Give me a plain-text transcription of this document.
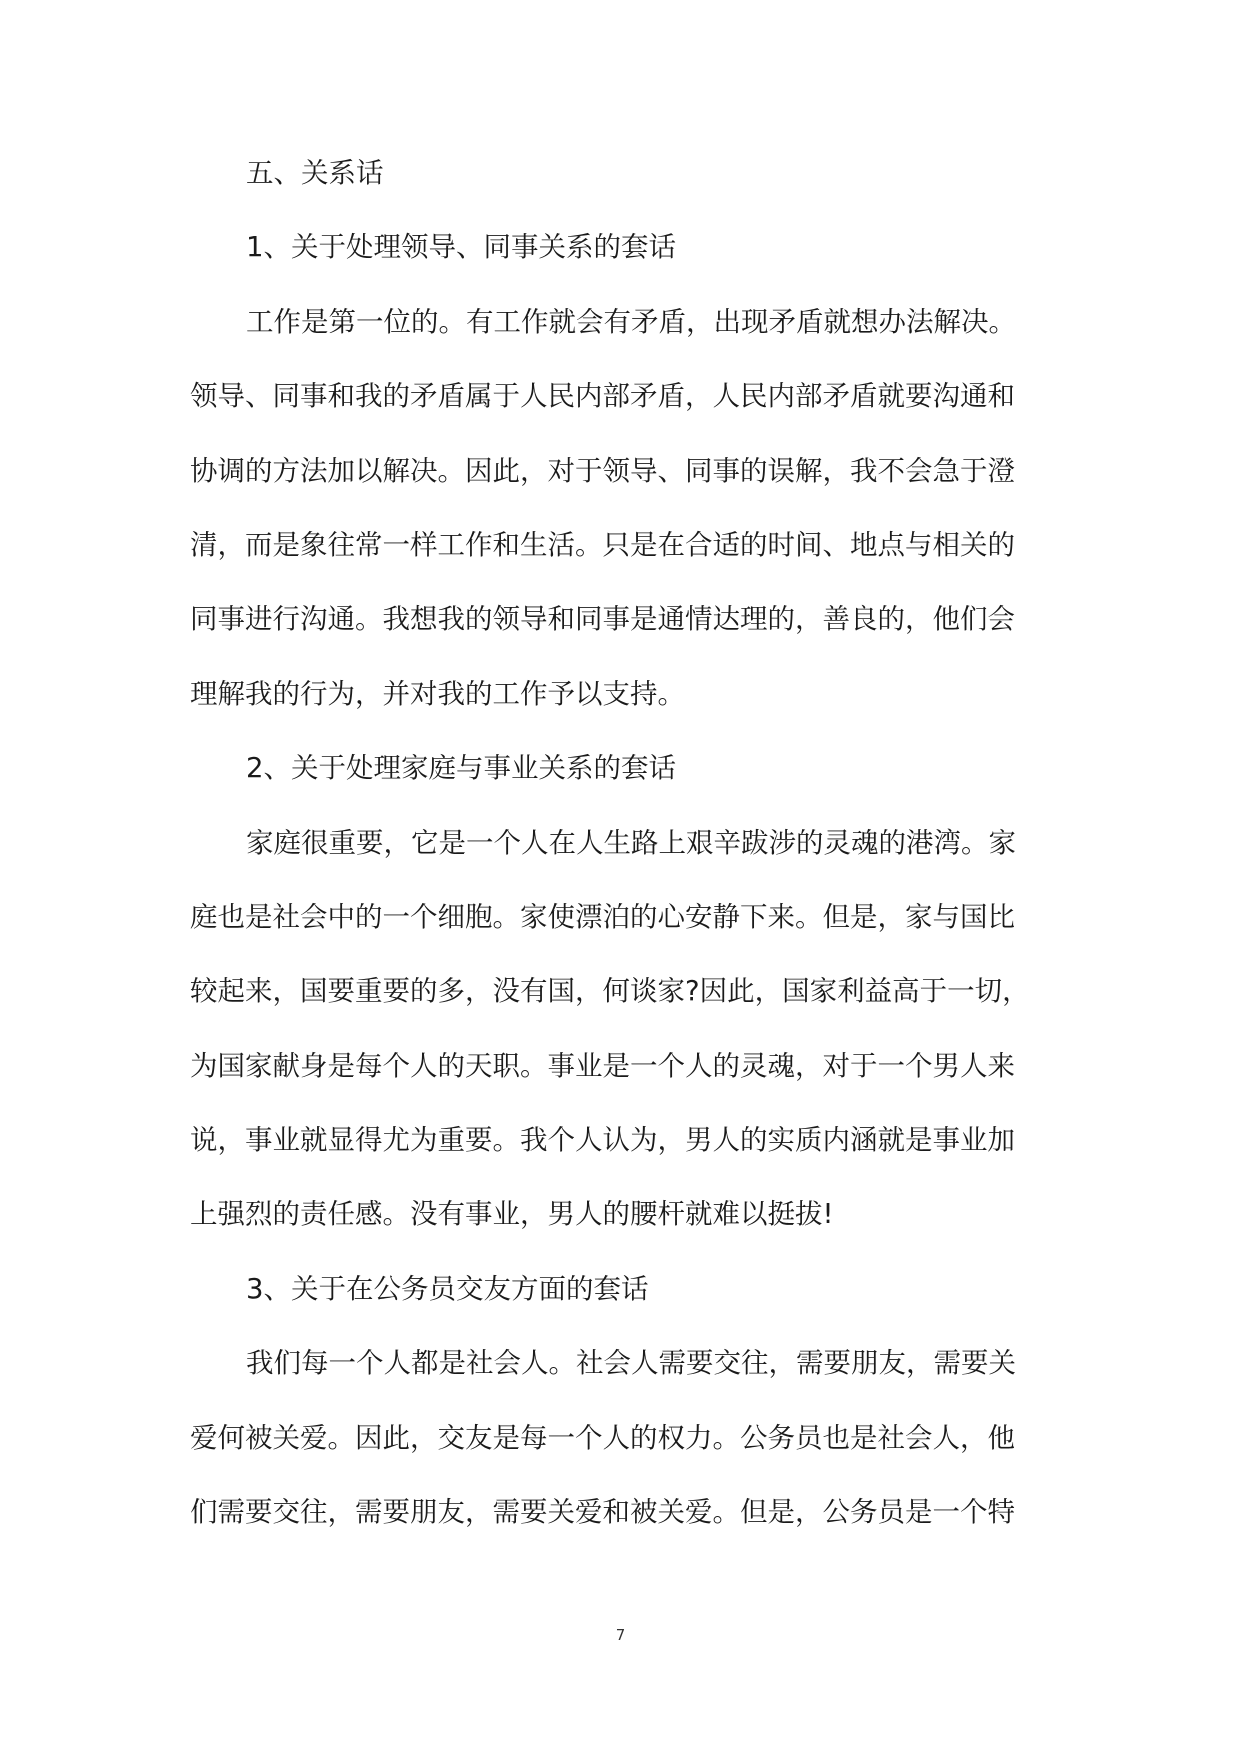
五、关系话
1、关于处理领导、同事关系的套话
工作是第一位的。有工作就会有矛盾，出现矛盾就想办法解决。
领导、同事和我的矛盾属于人民内部矛盾，人民内部矛盾就要沟通和
协调的方法加以解决。因此，对于领导、同事的误解，我不会急于澄
清，而是象往常一样工作和生活。只是在合适的时间、地点与相关的
同事进行沟通。我想我的领导和同事是通情达理的，善良的，他们会
理解我的行为，并对我的工作予以支持。
2、关于处理家庭与事业关系的套话
家庭很重要，它是一个人在人生路上艰辛跋涉的灵魂的港湾。家
庭也是社会中的一个细胞。家使漂泊的心安静下来。但是，家与国比
较起来，国要重要的多，没有国，何谈家?因此，国家利益高于一切，
为国家献身是每个人的天职。事业是一个人的灵魂，对于一个男人来
说，事业就显得尤为重要。我个人认为，男人的实质内涵就是事业加
上强烈的责任感。没有事业，男人的腰杆就难以挺拔!
3、关于在公务员交友方面的套话
我们每一个人都是社会人。社会人需要交往，需要朋友，需要关
爱何被关爱。因此，交友是每一个人的权力。公务员也是社会人，他
们需要交往，需要朋友，需要关爱和被关爱。但是，公务员是一个特
7
